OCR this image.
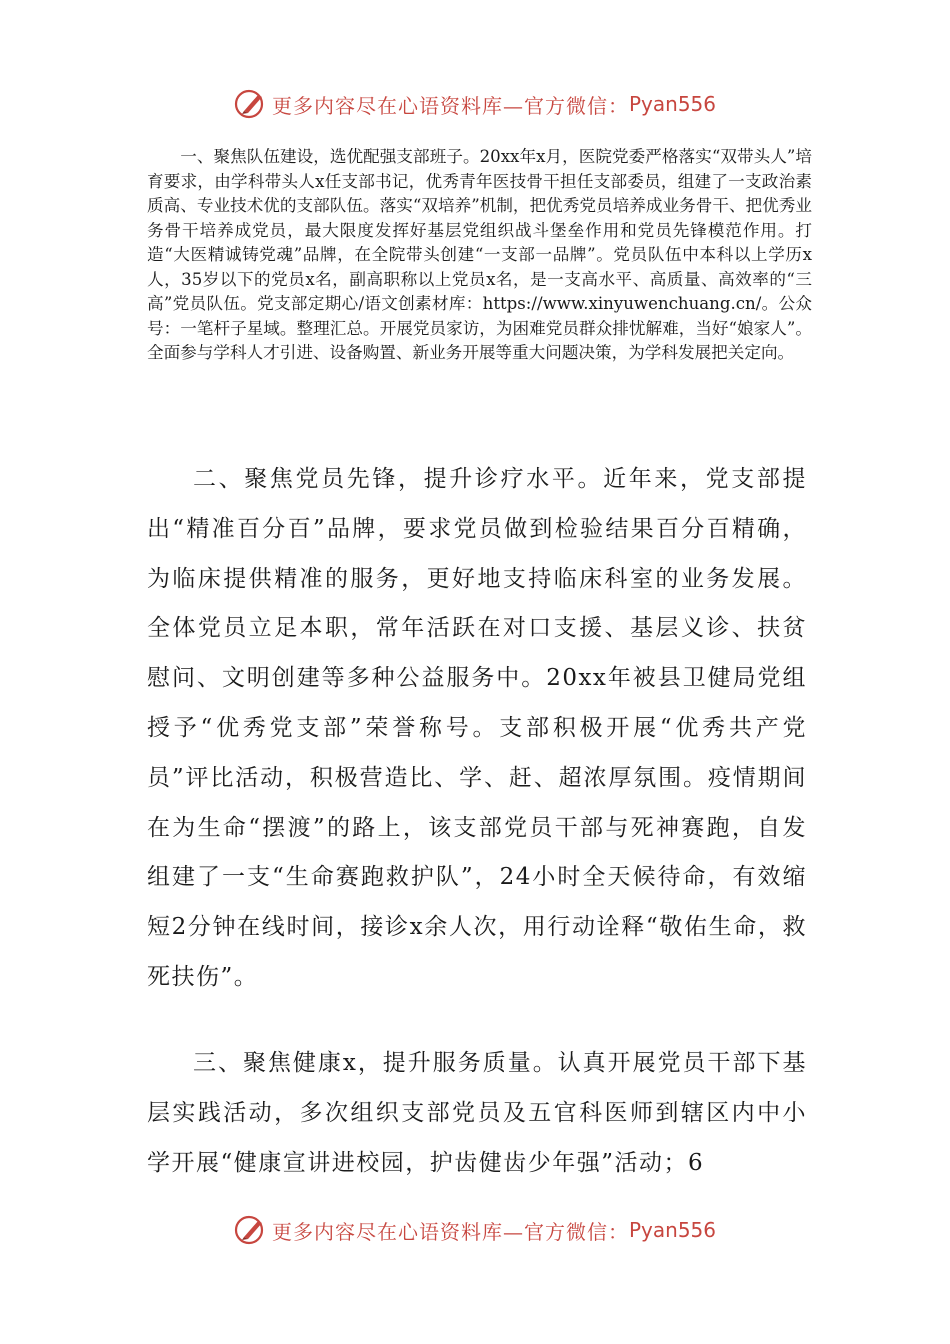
更多内容尽在心语资料库—官方微信： Pyan556

一、聚焦队伍建设，选优配强支部班子。20xx年x月，医院党委严格落实“双带头人”培育要求，由学科带头人x任支部书记，优秀青年医技骨干担任支部委员，组建了一支政治素质高、专业技术优的支部队伍。落实“双培养”机制，把优秀党员培养成业务骨干、把优秀业务骨干培养成党员，最大限度发挥好基层党组织战斗堡垒作用和党员先锋模范作用。打造“大医精诚铸党魂”品牌，在全院带头创建“一支部一品牌”。党员队伍中本科以上学历x人，35岁以下的党员x名，副高职称以上党员x名，是一支高水平、高质量、高效率的“三高”党员队伍。党支部定期心/语文创素材库：https://www.xinyuwenchuang.cn/。公众号：一笔杆子星域。整理汇总。开展党员家访，为困难党员群众排忧解难，当好“娘家人”。全面参与学科人才引进、设备购置、新业务开展等重大问题决策，为学科发展把关定向。

二、聚焦党员先锋，提升诊疗水平。近年来，党支部提出“精准百分百”品牌，要求党员做到检验结果百分百精确，为临床提供精准的服务，更好地支持临床科室的业务发展。全体党员立足本职，常年活跃在对口支援、基层义诊、扶贫慰问、文明创建等多种公益服务中。20xx年被县卫健局党组授予“优秀党支部”荣誉称号。支部积极开展“优秀共产党员”评比活动，积极营造比、学、赶、超浓厚氛围。疫情期间在为生命“摆渡”的路上，该支部党员干部与死神赛跑，自发组建了一支“生命赛跑救护队”，24小时全天候待命，有效缩短2分钟在线时间，接诊x余人次，用行动诠释“敬佑生命，救死扶伤”。

三、聚焦健康x，提升服务质量。认真开展党员干部下基层实践活动，多次组织支部党员及五官科医师到辖区内中小学开展“健康宣讲进校园，护齿健齿少年强”活动；6

更多内容尽在心语资料库—官方微信： Pyan556
